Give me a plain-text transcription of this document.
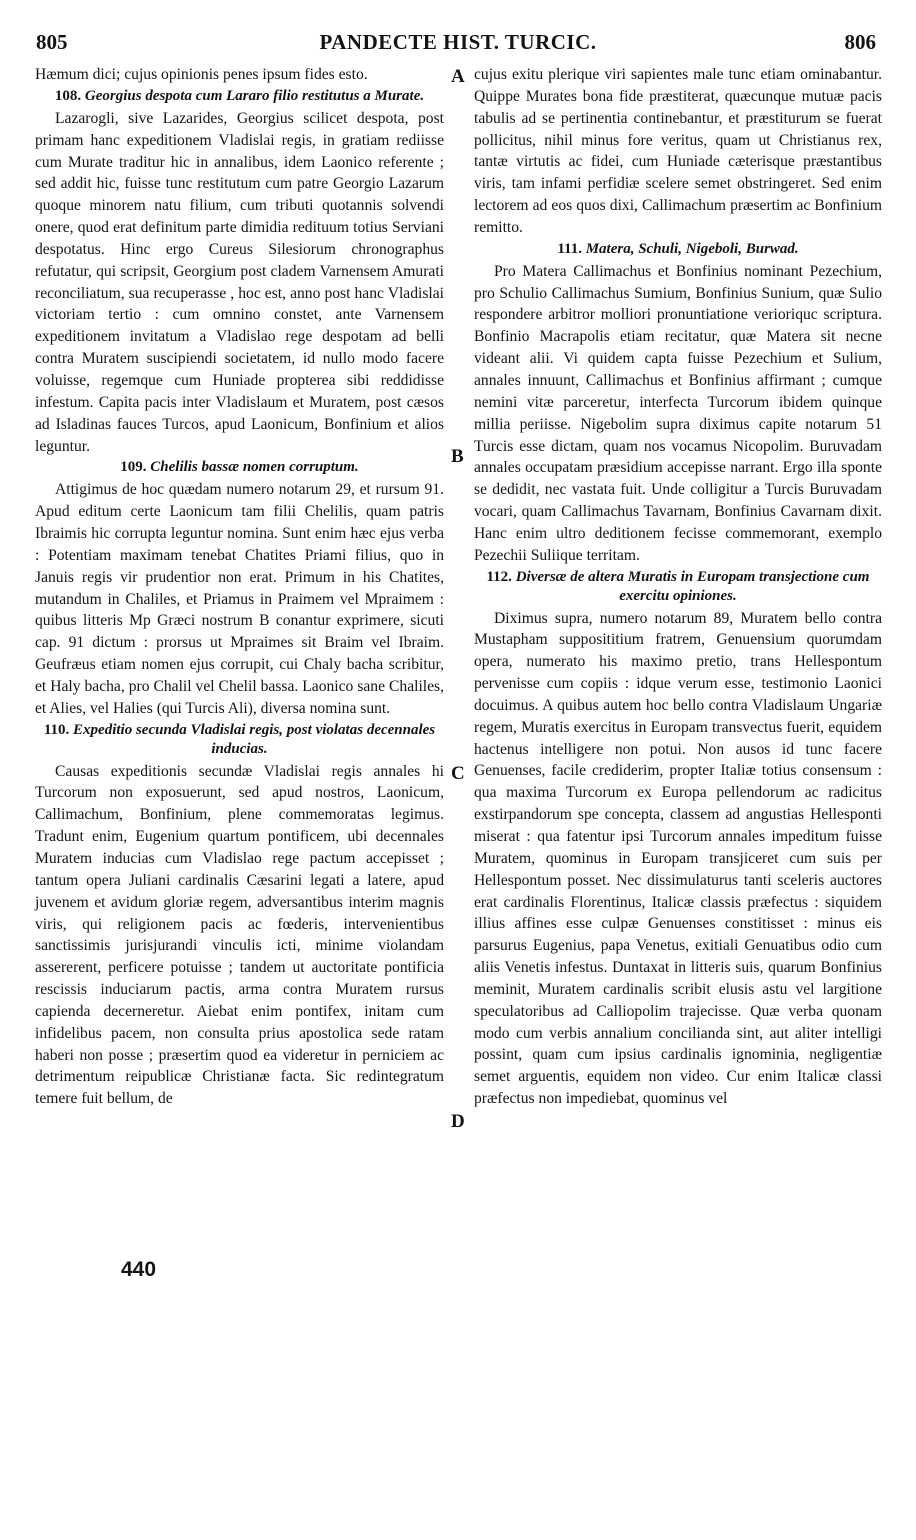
805	PANDECTE HIST. TURCIC.	806

Hæmum dici; cujus opinionis penes ipsum fides esto.

108. Georgius despota cum Lararo filio restitutus a Murate.

Lazarogli, sive Lazarides, Georgius scilicet despota, post primam hanc expeditionem Vladislai regis, in gratiam rediisse cum Murate traditur hic in annalibus, idem Laonico referente ; sed addit hic, fuisse tunc restitutum cum patre Georgio Lazarum quoque minorem natu filium, cum tributi quotannis solvendi onere, quod erat definitum parte dimidia redituum totius Serviani despotatus. Hinc ergo Cureus Silesiorum chronographus refutatur, qui scripsit, Georgium post cladem Varnensem Amurati reconciliatum, sua recuperasse , hoc est, anno post hanc Vladislai victoriam tertio : cum omnino constet, ante Varnensem expeditionem invitatum a Vladislao rege despotam ad belli contra Muratem suscipiendi societatem, id nullo modo facere voluisse, regemque cum Huniade propterea sibi reddidisse infestum. Capita pacis inter Vladislaum et Muratem, post cæsos ad Isladinas fauces Turcos, apud Laonicum, Bonfinium et alios leguntur.

109. Chelilis bassæ nomen corruptum.

Attigimus de hoc quædam numero notarum 29, et rursum 91. Apud editum certe Laonicum tam filii Chelilis, quam patris Ibraimis hic corrupta leguntur nomina. Sunt enim hæc ejus verba : Potentiam maximam tenebat Chatites Priami filius, quo in Januis regis vir prudentior non erat. Primum in his Chatites, mutandum in Chaliles, et Priamus in Praimem vel Mpraimem : quibus litteris Mp Græci nostrum B conantur exprimere, sicuti cap. 91 dictum : prorsus ut Mpraimes sit Braim vel Ibraim. Geufræus etiam nomen ejus corrupit, cui Chaly bacha scribitur, et Haly bacha, pro Chalil vel Chelil bassa. Laonico sane Chaliles, et Alies, vel Halies (qui Turcis Ali), diversa nomina sunt.

110. Expeditio secunda Vladislai regis, post violatas decennales inducias.

Causas expeditionis secundæ Vladislai regis annales hi Turcorum non exposuerunt, sed apud nostros, Laonicum, Callimachum, Bonfinium, plene commemoratas legimus. Tradunt enim, Eugenium quartum pontificem, ubi decennales Muratem inducias cum Vladislao rege pactum accepisset ; tantum opera Juliani cardinalis Cæsarini legati a latere, apud juvenem et avidum gloriæ regem, adversantibus interim magnis viris, qui religionem pacis ac fœderis, intervenientibus sanctissimis jurisjurandi vinculis icti, minime violandam assererent, perficere potuisse ; tandem ut auctoritate pontificia rescissis induciarum pactis, arma contra Muratem rursus capienda decerneretur. Aiebat enim pontifex, initam cum infidelibus pacem, non consulta prius apostolica sede ratam haberi non posse ; præsertim quod ea videretur in perniciem ac detrimentum reipublicæ Christianæ facta. Sic redintegratum temere fuit bellum, de

cujus exitu plerique viri sapientes male tunc etiam ominabantur. Quippe Murates bona fide præstiterat, quæcunque mutuæ pacis tabulis ad se pertinentia continebantur, et præstiturum se fuerat pollicitus, nihil minus fore veritus, quam ut Christianus rex, tantæ virtutis ac fidei, cum Huniade cæterisque præstantibus viris, tam infami perfidiæ scelere semet obstringeret. Sed enim lectorem ad eos quos dixi, Callimachum præsertim ac Bonfinium remitto.

111. Matera, Schuli, Nigeboli, Burwad.

Pro Matera Callimachus et Bonfinius nominant Pezechium, pro Schulio Callimachus Sumium, Bonfinius Sunium, quæ Sulio respondere arbitror molliori pronuntiatione verioriquc scriptura. Bonfinio Macrapolis etiam recitatur, quæ Matera sit necne videant alii. Vi quidem capta fuisse Pezechium et Sulium, annales innuunt, Callimachus et Bonfinius affirmant ; cumque nemini vitæ parceretur, interfecta Turcorum ibidem quinque millia periisse. Nigebolim supra diximus capite notarum 51 Turcis esse dictam, quam nos vocamus Nicopolim. Buruvadam annales occupatam præsidium accepisse narrant. Ergo illa sponte se dedidit, nec vastata fuit. Unde colligitur a Turcis Buruvadam vocari, quam Callimachus Tavarnam, Bonfinius Cavarnam dixit. Hanc enim ultro deditionem fecisse commemorant, exemplo Pezechii Suliique territam.

112. Diversæ de altera Muratis in Europam transjectione cum exercitu opiniones.

Diximus supra, numero notarum 89, Muratem bello contra Mustapham supposititium fratrem, Genuensium quorumdam opera, numerato his maximo pretio, trans Hellespontum pervenisse cum copiis : idque verum esse, testimonio Laonici docuimus. A quibus autem hoc bello contra Vladislaum Ungariæ regem, Muratis exercitus in Europam transvectus fuerit, equidem hactenus intelligere non potui. Non ausos id tunc facere Genuenses, facile crediderim, propter Italiæ totius consensum : qua maxima Turcorum ex Europa pellendorum ac radicitus exstirpandorum spe concepta, classem ad angustias Hellesponti miserat : qua fatentur ipsi Turcorum annales impeditum fuisse Muratem, quominus in Europam transjiceret cum suis per Hellespontum posset. Nec dissimulaturus tanti sceleris auctores erat cardinalis Florentinus, Italicæ classis præfectus : siquidem illius affines esse culpæ Genuenses constitisset : minus eis parsurus Eugenius, papa Venetus, exitiali Genuatibus odio cum aliis Venetis infestus. Duntaxat in litteris suis, quarum Bonfinius meminit, Muratem cardinalis scribit elusis astu vel largitione speculatoribus ad Calliopolim trajecisse. Quæ verba quonam modo cum verbis annalium concilianda sint, aut aliter intelligi possint, quam cum ipsius cardinalis ignominia, negligentiæ semet arguentis, equidem non video. Cur enim Italicæ classi præfectus non impediebat, quominus vel

A
B
C
D
440
